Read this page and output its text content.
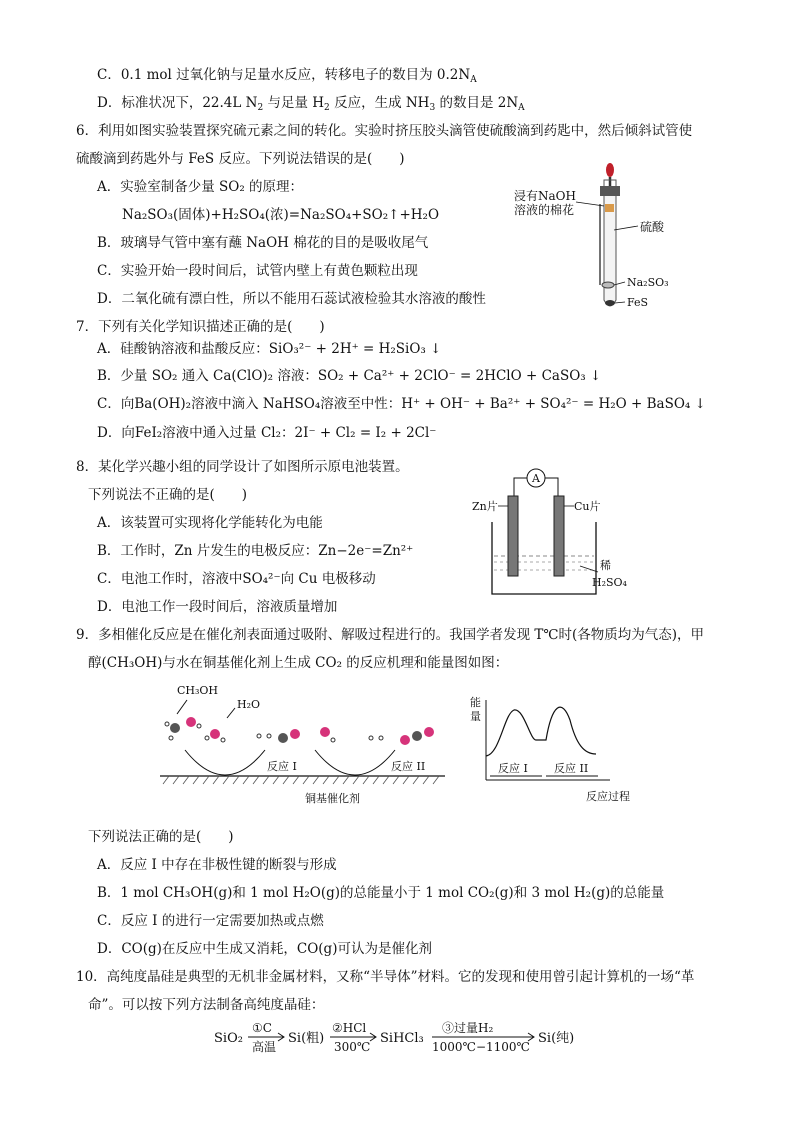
C．0.1 mol 过氧化钠与足量水反应，转移电子的数目为 $0.2N_A$
D．标准状况下，22.4L $N_2$ 与足量 $H_2$ 反应，生成 $NH_3$ 的数目是 $2N_A$
6．利用如图实验装置探究硫元素之间的转化。实验时挤压胶头滴管使硫酸滴到药匙中，然后倾斜试管使
硫酸滴到药匙外与 FeS 反应。下列说法错误的是(　　)
A．实验室制备少量 SO₂ 的原理：
Na₂SO₃(固体)+H₂SO₄(浓)=Na₂SO₄+SO₂↑+H₂O
B．玻璃导气管中塞有蘸 NaOH 棉花的目的是吸收尾气
C．实验开始一段时间后，试管内壁上有黄色颗粒出现
D．二氧化硫有漂白性，所以不能用石蕊试液检验其水溶液的酸性
浸有NaOH
溶液的棉花
硫酸
Na₂SO₃
FeS
7．下列有关化学知识描述正确的是(　　)
A．硅酸钠溶液和盐酸反应：SiO₃²⁻ + 2H⁺ = H₂SiO₃ ↓
B．少量 SO₂ 通入 Ca(ClO)₂ 溶液：SO₂ + Ca²⁺ + 2ClO⁻ = 2HClO + CaSO₃ ↓
C．向Ba(OH)₂溶液中滴入 NaHSO₄溶液至中性：H⁺ + OH⁻ + Ba²⁺ + SO₄²⁻ = H₂O + BaSO₄ ↓
D．向FeI₂溶液中通入过量 Cl₂：2I⁻ + Cl₂ = I₂ + 2Cl⁻
8．某化学兴趣小组的同学设计了如图所示原电池装置。
下列说法不正确的是(　　)
A．该装置可实现将化学能转化为电能
B．工作时，Zn 片发生的电极反应：Zn−2e⁻=Zn²⁺
C．电池工作时，溶液中SO₄²⁻向 Cu 电极移动
D．电池工作一段时间后，溶液质量增加
A
Zn片	Cu片
稀
H₂SO₄
9．多相催化反应是在催化剂表面通过吸附、解吸过程进行的。我国学者发现 T℃时(各物质均为气态)，甲
醇(CH₃OH)与水在铜基催化剂上生成 CO₂ 的反应机理和能量图如图：
CH₃OH
H₂O
反应 I	反应 II
铜基催化剂
能
量
反应 I 反应 II
反应过程
下列说法正确的是(　　)
A．反应 I 中存在非极性键的断裂与形成
B．1 mol CH₃OH(g)和 1 mol H₂O(g)的总能量小于 1 mol CO₂(g)和 3 mol H₂(g)的总能量
C．反应 I 的进行一定需要加热或点燃
D．CO(g)在反应中生成又消耗，CO(g)可认为是催化剂
10．高纯度晶硅是典型的无机非金属材料，又称“半导体”材料。它的发现和使用曾引起计算机的一场“革
命”。可以按下列方法制备高纯度晶硅：
SiO₂
①C
高温
Si(粗)
②HCl
300℃
SiHCl₃
③过量H₂
1000℃−1100℃
Si(纯)
